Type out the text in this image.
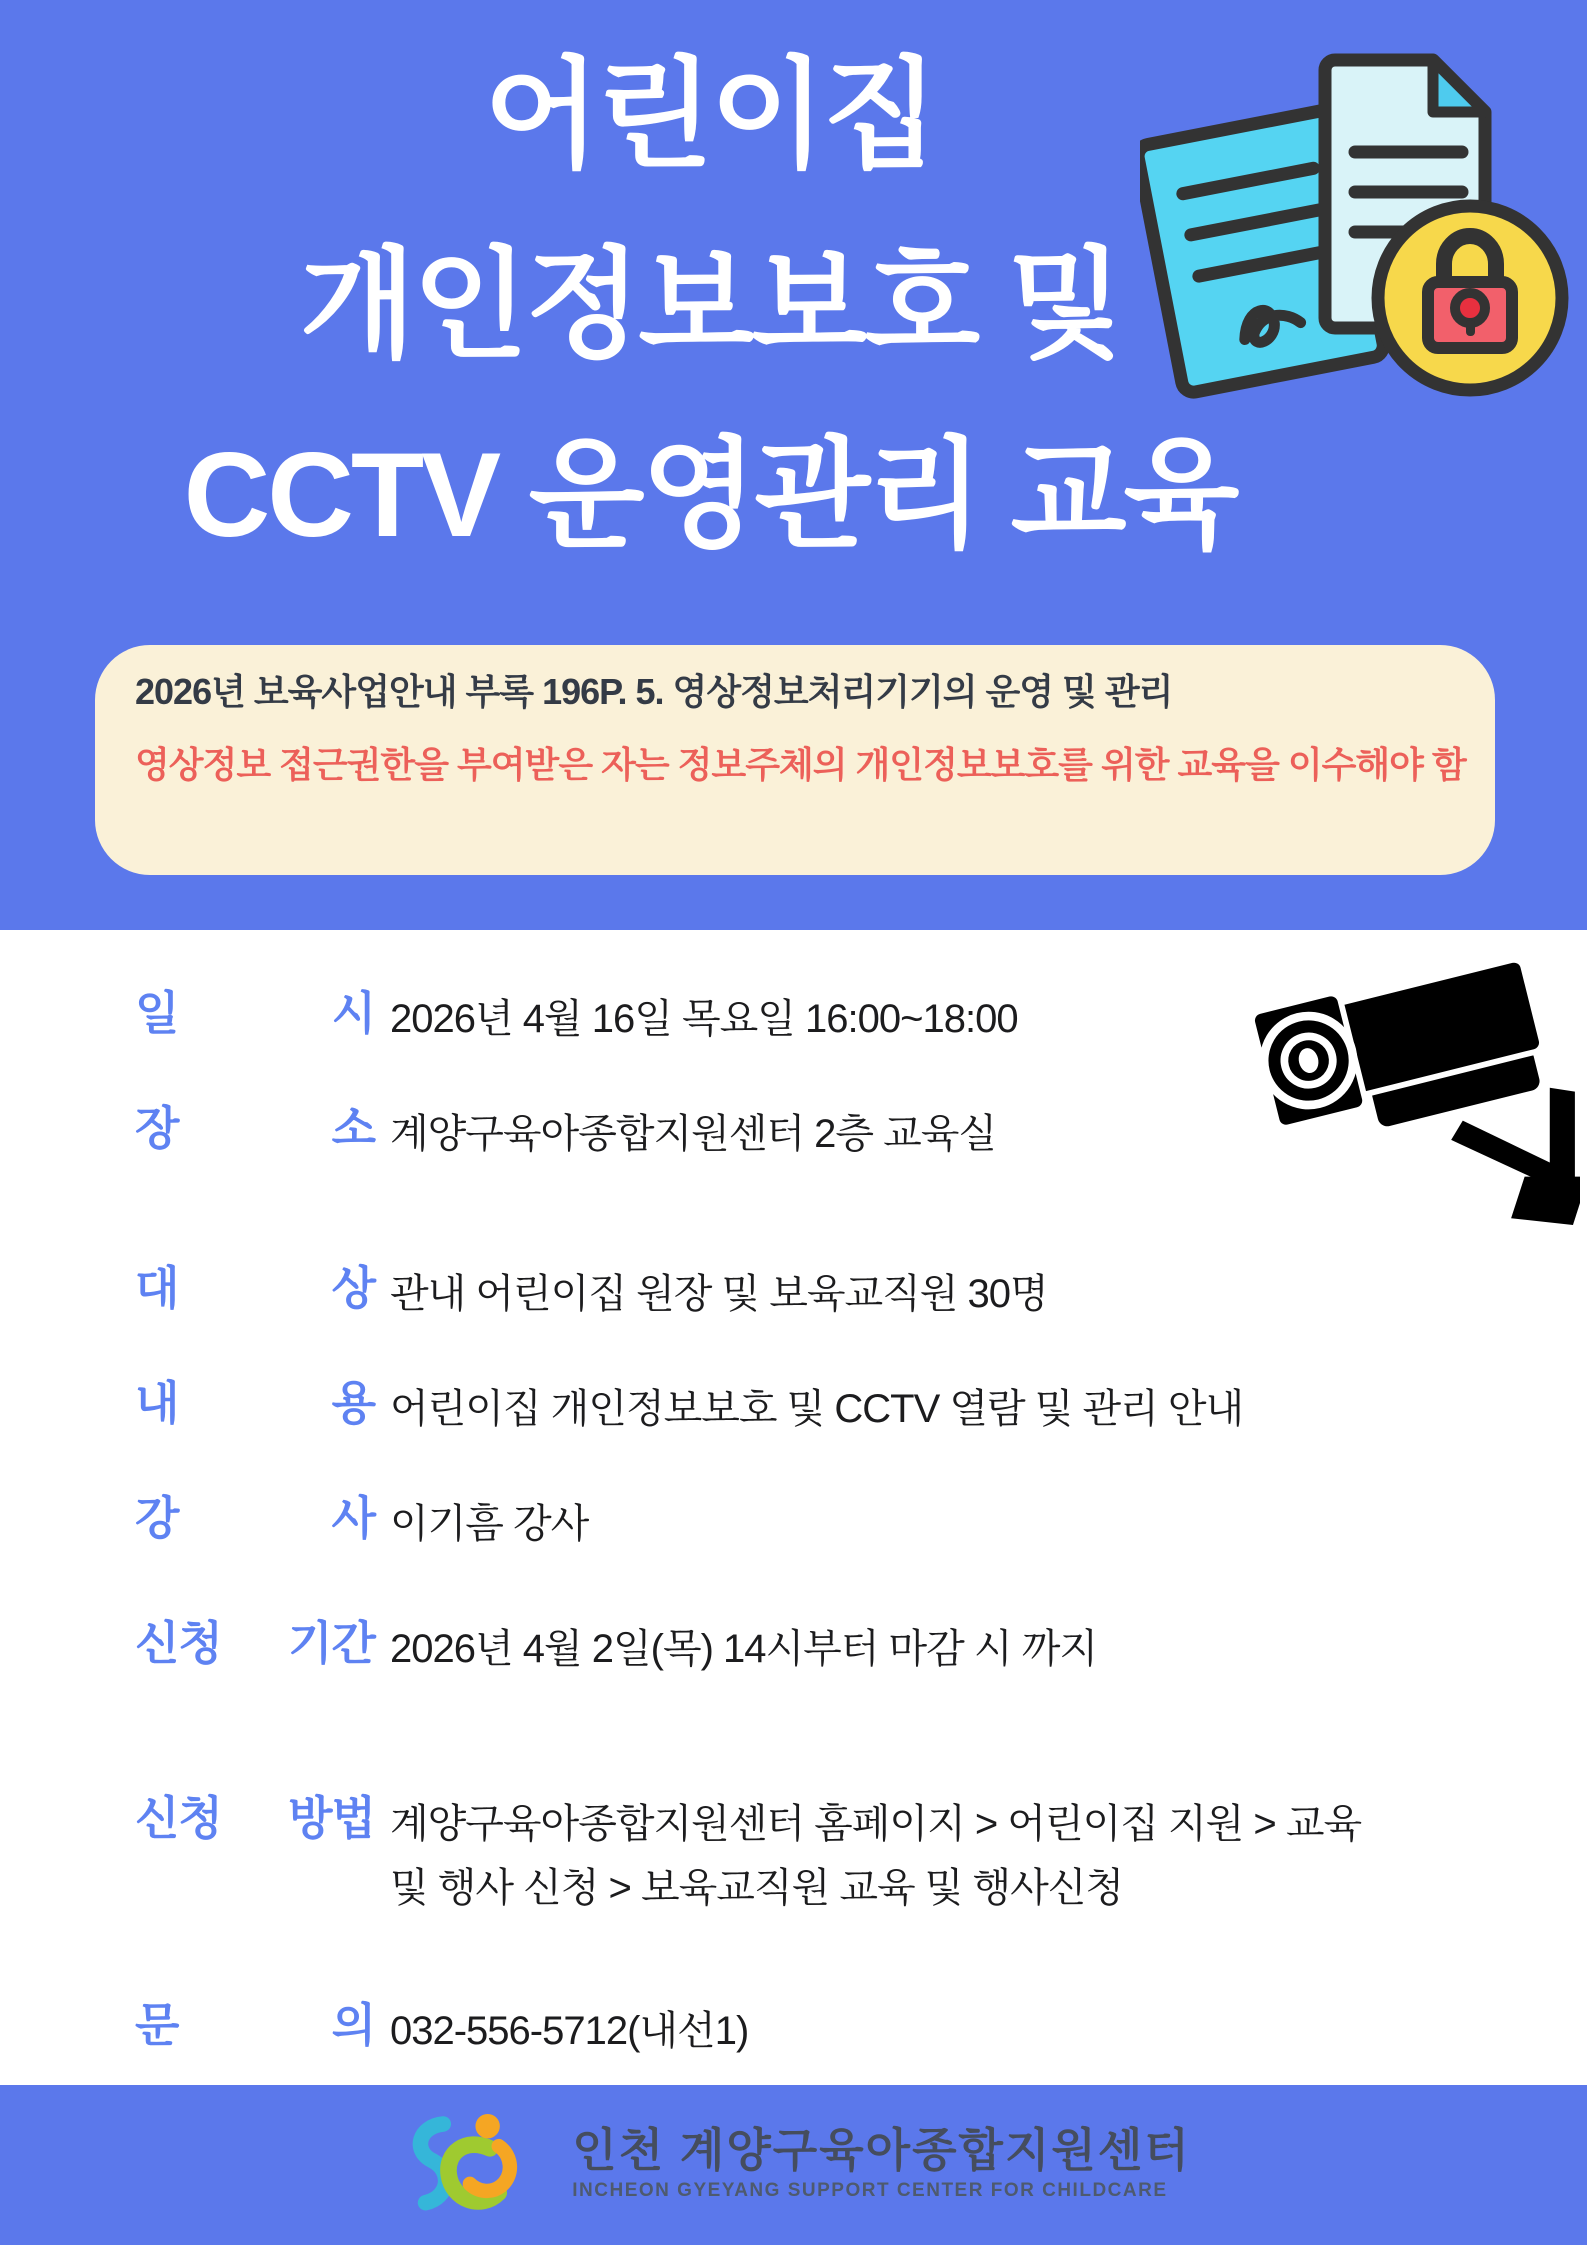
어린이집
개인정보보호 및
CCTV 운영관리 교육
2026년 보육사업안내 부록 196P. 5. 영상정보처리기기의 운영 및 관리
영상정보 접근권한을 부여받은 자는 정보주체의 개인정보보호를 위한 교육을 이수해야 함
일	시 2026년 4월 16일 목요일 16:00~18:00
장	소 계양구육아종합지원센터 2층 교육실
대	상 관내 어린이집 원장 및 보육교직원 30명
내	용 어린이집 개인정보보호 및 CCTV 열람 및 관리 안내
강	사 이기흠 강사
신청 기간 2026년 4월 2일(목) 14시부터 마감 시 까지
신청 방법 계양구육아종합지원센터 홈페이지 > 어린이집 지원 > 교육 및 행사 신청 > 보육교직원 교육 및 행사신청
문	의 032-556-5712(내선1)
인천 계양구육아종합지원센터
INCHEON GYEYANG SUPPORT CENTER FOR CHILDCARE
